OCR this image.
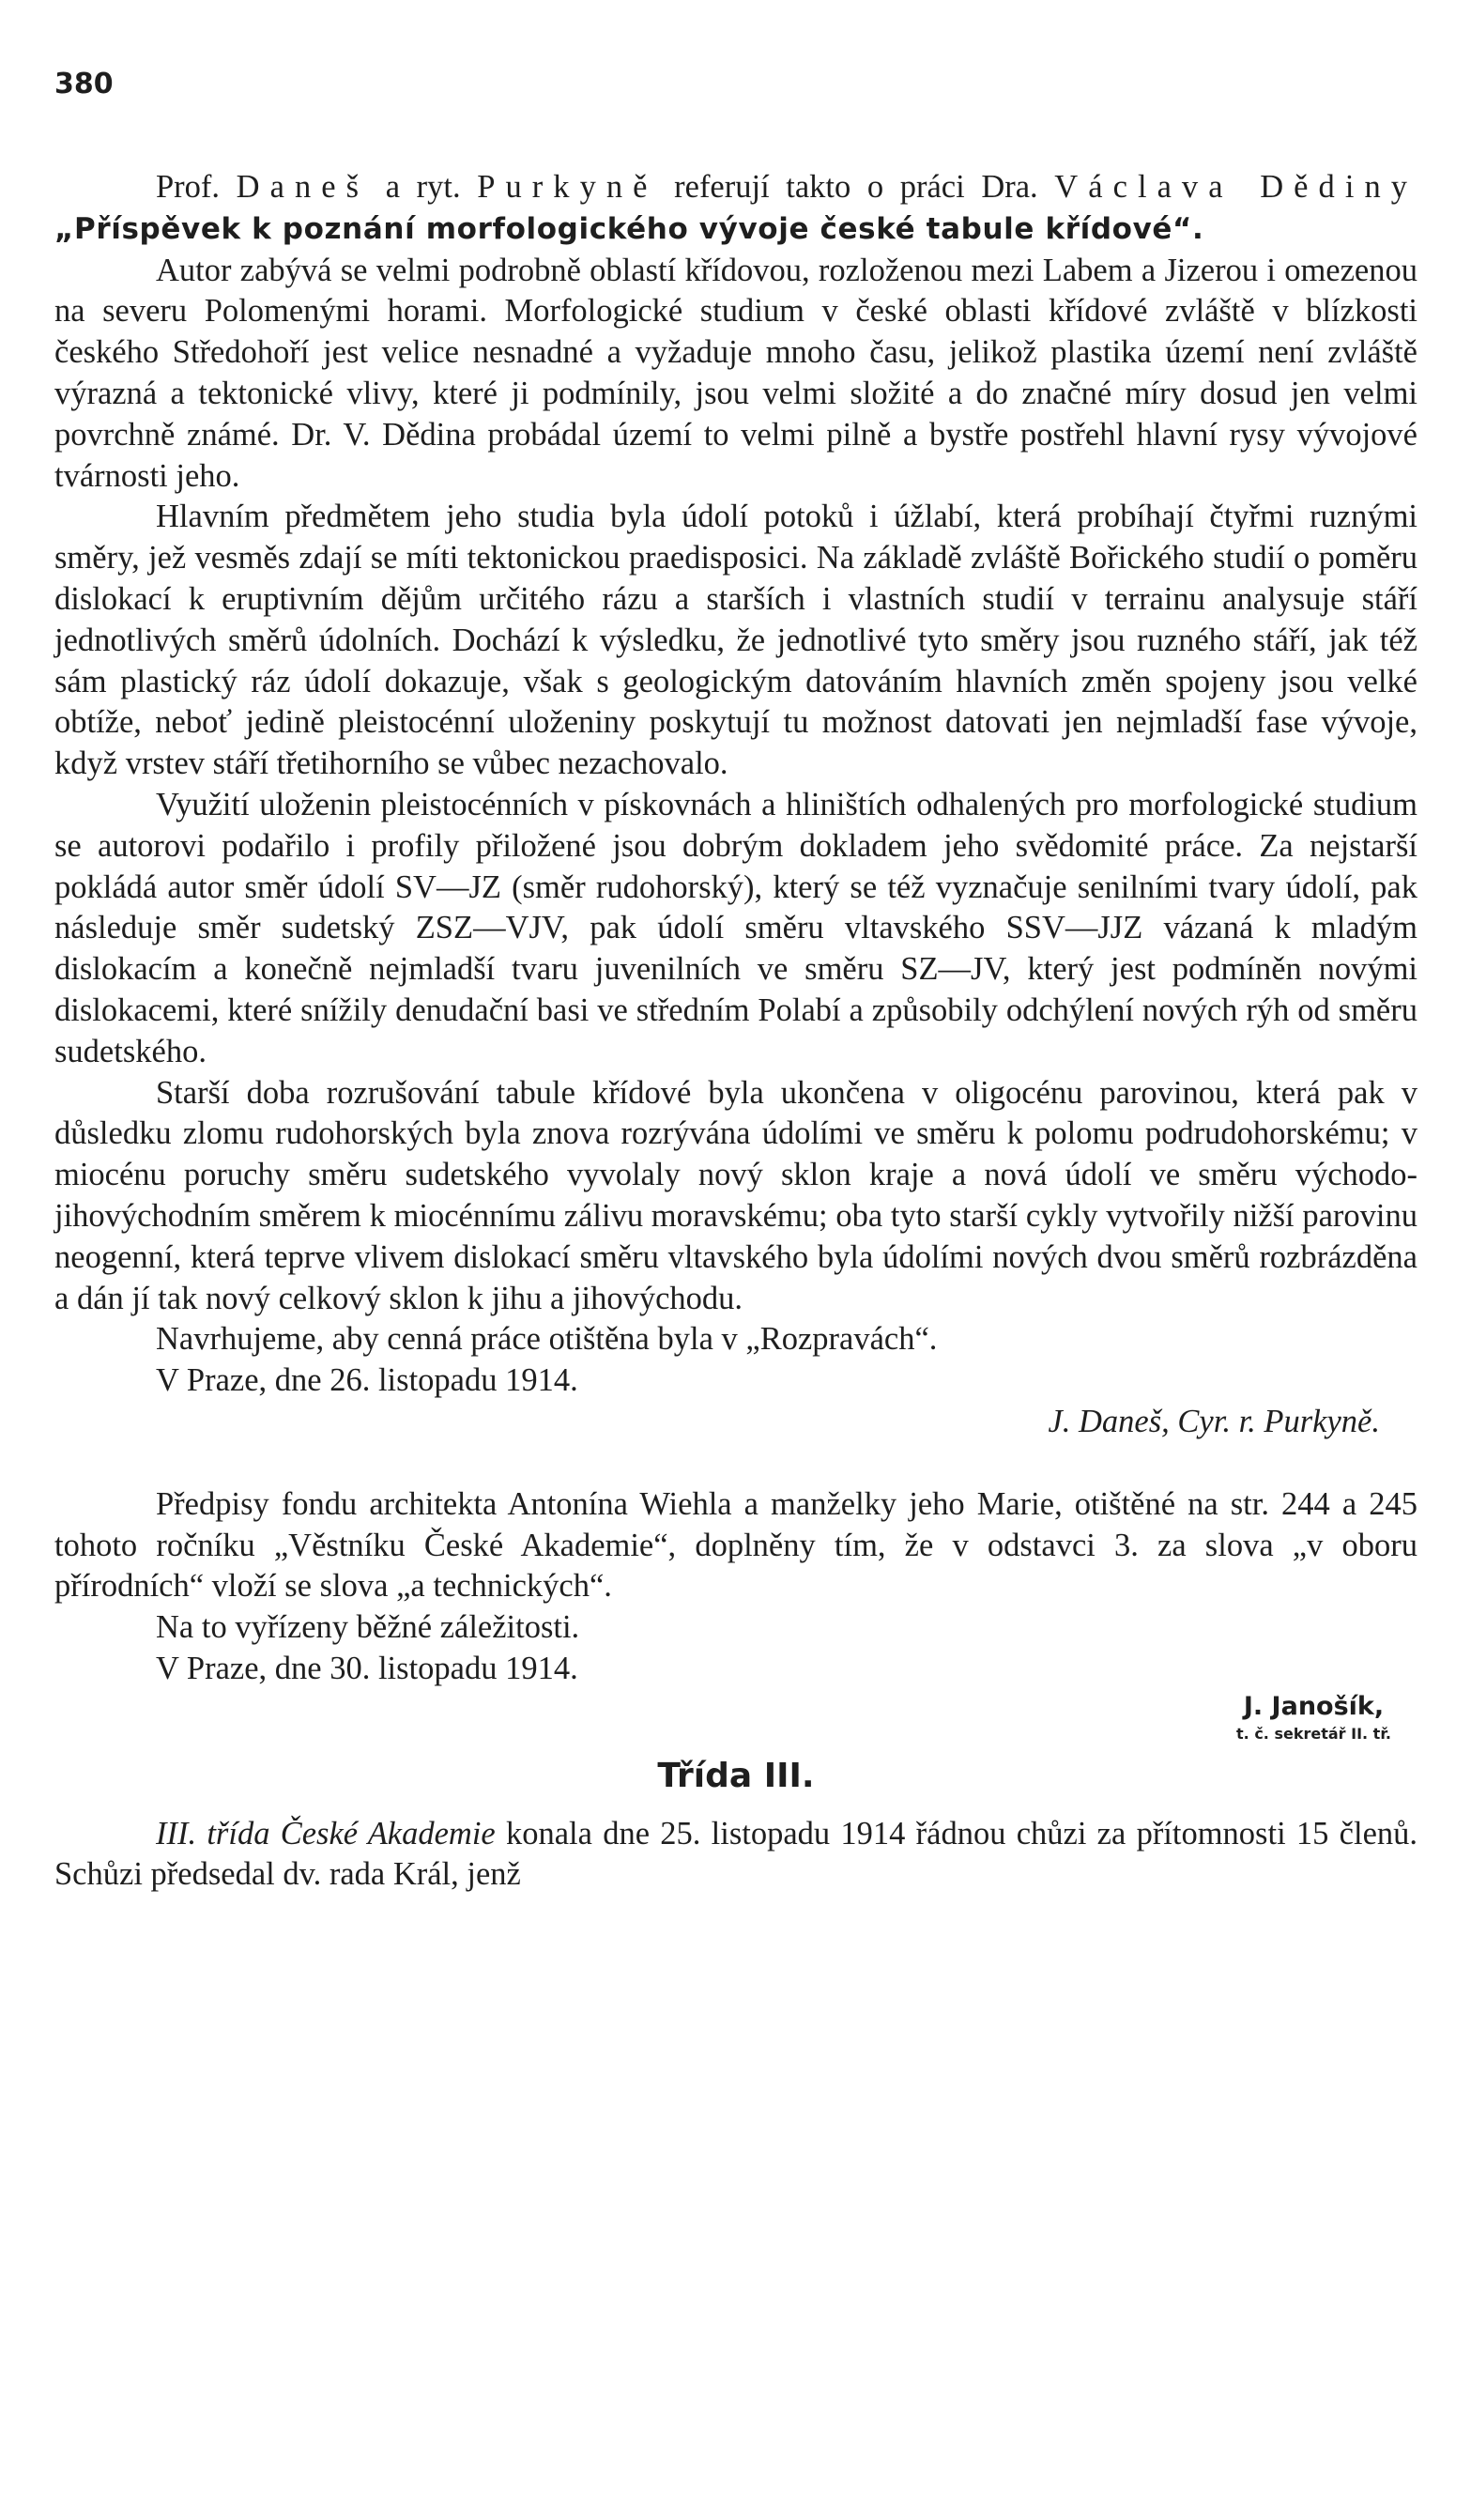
380

Prof. Daneš a ryt. Purkyně referují takto o práci Dra. Václava Dědiny „Příspěvek k poznání morfologického vývoje české tabule křídové“.

Autor zabývá se velmi podrobně oblastí křídovou, rozloženou mezi Labem a Jizerou i omezenou na severu Polomenými horami. Morfologické studium v české oblasti křídové zvláště v blízkosti českého Středohoří jest velice nesnadné a vyžaduje mnoho času, jelikož plastika území není zvláště výrazná a tektonické vlivy, které ji podmínily, jsou velmi složité a do značné míry dosud jen velmi povrchně známé. Dr. V. Dědina probádal území to velmi pilně a bystře postřehl hlavní rysy vývojové tvárnosti jeho.

Hlavním předmětem jeho studia byla údolí potoků i úžlabí, která probíhají čtyřmi ruznými směry, jež vesměs zdají se míti tektonickou praedisposici. Na základě zvláště Bořického studií o poměru dislokací k eruptivním dějům určitého rázu a starších i vlastních studií v terrainu analysuje stáří jednotlivých směrů údolních. Dochází k výsledku, že jednotlivé tyto směry jsou ruzného stáří, jak též sám plastický ráz údolí dokazuje, však s geologickým datováním hlavních změn spojeny jsou velké obtíže, neboť jedině pleistocénní uloženiny poskytují tu možnost datovati jen nejmladší fase vývoje, když vrstev stáří třetihorního se vůbec nezachovalo.

Využití uloženin pleistocénních v pískovnách a hliništích odhalených pro morfologické studium se autorovi podařilo i profily přiložené jsou dobrým dokladem jeho svědomité práce. Za nejstarší pokládá autor směr údolí SV—JZ (směr rudohorský), který se též vyznačuje senilními tvary údolí, pak následuje směr sudetský ZSZ—VJV, pak údolí směru vltavského SSV—JJZ vázaná k mladým dislokacím a konečně nejmladší tvaru juvenilních ve směru SZ—JV, který jest podmíněn novými dislokacemi, které snížily denudační basi ve středním Polabí a způsobily odchýlení nových rýh od směru sudetského.

Starší doba rozrušování tabule křídové byla ukončena v oligocénu parovinou, která pak v důsledku zlomu rudohorských byla znova rozrývána údolími ve směru k polomu podrudohorskému; v miocénu poruchy směru sudetského vyvolaly nový sklon kraje a nová údolí ve směru východo-jihovýchodním směrem k miocénnímu zálivu moravskému; oba tyto starší cykly vytvořily nižší parovinu neogenní, která teprve vlivem dislokací směru vltavského byla údolími nových dvou směrů rozbrázděna a dán jí tak nový celkový sklon k jihu a jihovýchodu.

Navrhujeme, aby cenná práce otištěna byla v „Rozpravách“.

V Praze, dne 26. listopadu 1914.

J. Daneš, Cyr. r. Purkyně.

Předpisy fondu architekta Antonína Wiehla a manželky jeho Marie, otištěné na str. 244 a 245 tohoto ročníku „Věstníku České Akademie“, doplněny tím, že v odstavci 3. za slova „v oboru přírodních“ vloží se slova „a technických“.

Na to vyřízeny běžné záležitosti.

V Praze, dne 30. listopadu 1914.

J. Janošík,
t. č. sekretář II. tř.
Třída III.

III. třída České Akademie konala dne 25. listopadu 1914 řádnou chůzi za přítomnosti 15 členů. Schůzi předsedal dv. rada Král, jenž
